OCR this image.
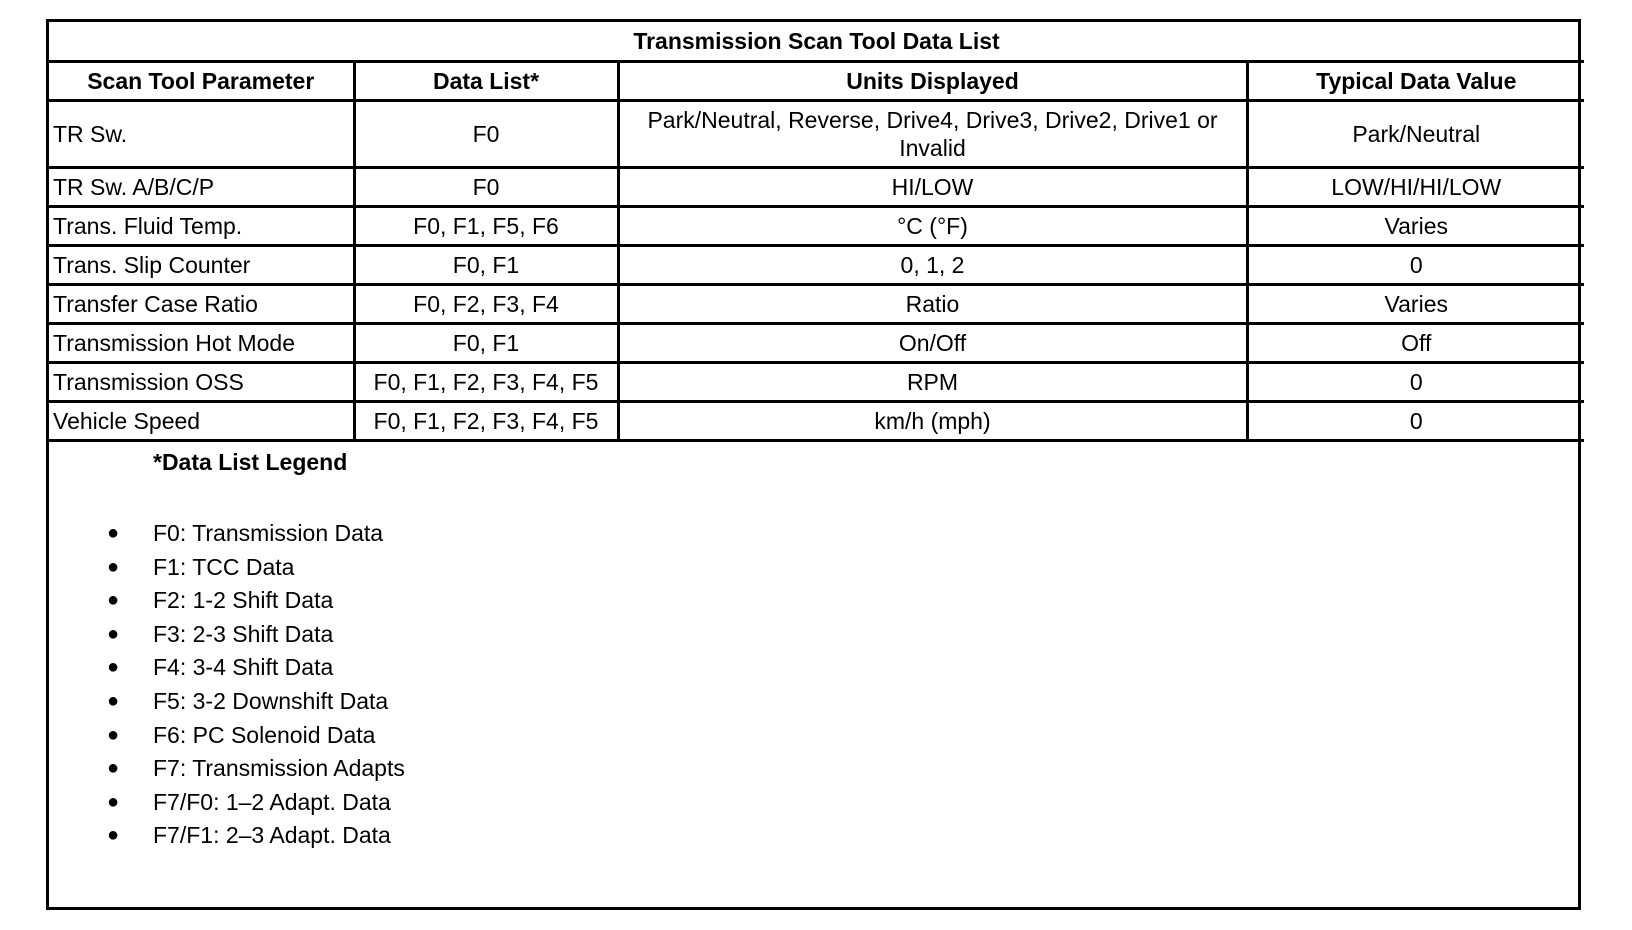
Transmission Scan Tool Data List			
Scan Tool Parameter	Data List*	Units Displayed	Typical Data Value
TR Sw.	F0	Park/Neutral, Reverse, Drive4, Drive3, Drive2, Drive1 or Invalid	Park/Neutral
TR Sw. A/B/C/P	F0	HI/LOW	LOW/HI/HI/LOW
Trans. Fluid Temp.	F0, F1, F5, F6	°C (°F)	Varies
Trans. Slip Counter	F0, F1	0, 1, 2	0
Transfer Case Ratio	F0, F2, F3, F4	Ratio	Varies
Transmission Hot Mode	F0, F1	On/Off	Off
Transmission OSS	F0, F1, F2, F3, F4, F5	RPM	0
Vehicle Speed	F0, F1, F2, F3, F4, F5	km/h (mph)	0
*Data List Legend
● F0: Transmission Data
● F1: TCC Data
● F2: 1-2 Shift Data
● F3: 2-3 Shift Data
● F4: 3-4 Shift Data
● F5: 3-2 Downshift Data
● F6: PC Solenoid Data
● F7: Transmission Adapts
● F7/F0: 1–2 Adapt. Data
● F7/F1: 2–3 Adapt. Data
